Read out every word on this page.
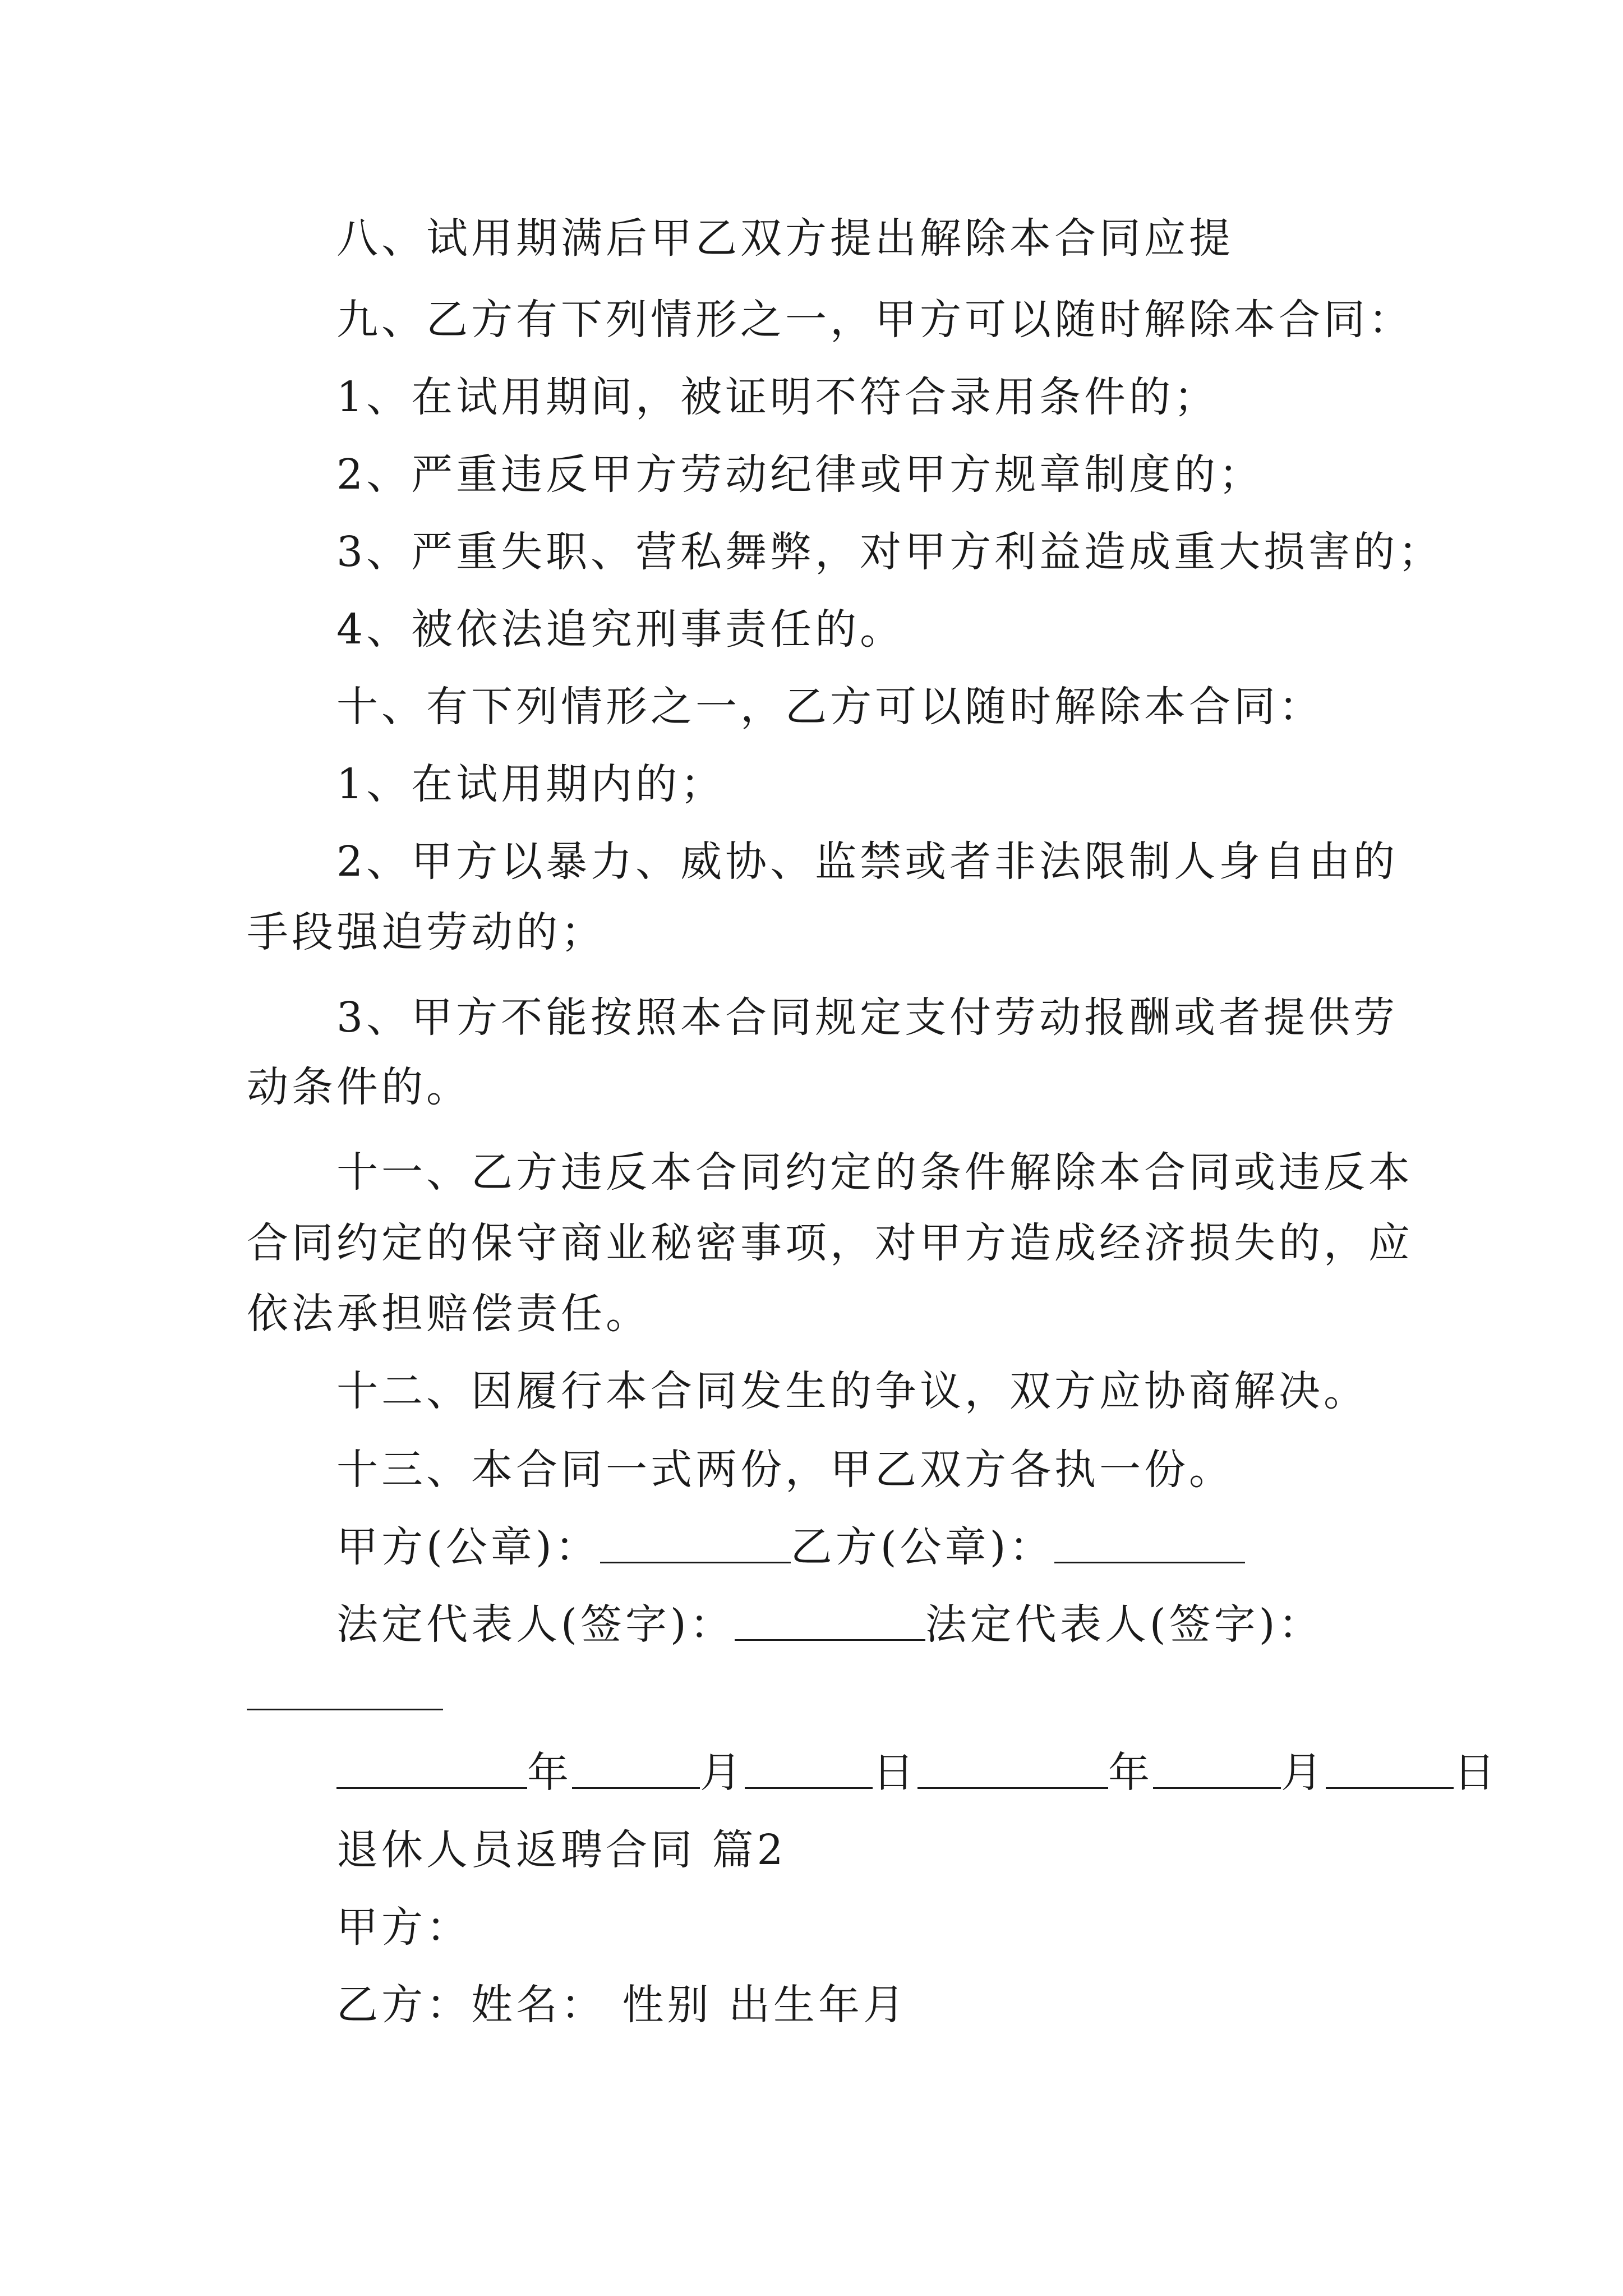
八、试用期满后甲乙双方提出解除本合同应提
九、乙方有下列情形之一，甲方可以随时解除本合同：
1、在试用期间，被证明不符合录用条件的；
2、严重违反甲方劳动纪律或甲方规章制度的；
3、严重失职、营私舞弊，对甲方利益造成重大损害的；
4、被依法追究刑事责任的。
十、有下列情形之一，乙方可以随时解除本合同：
1、在试用期内的；
2、甲方以暴力、威协、监禁或者非法限制人身自由的
手段强迫劳动的；
3、甲方不能按照本合同规定支付劳动报酬或者提供劳
动条件的。
十一、乙方违反本合同约定的条件解除本合同或违反本
合同约定的保守商业秘密事项，对甲方造成经济损失的，应
依法承担赔偿责任。
十二、因履行本合同发生的争议，双方应协商解决。
十三、本合同一式两份，甲乙双方各执一份。
甲方(公章)：	乙方(公章)：
法定代表人(签字)：	法定代表人(签字)：
年	月	日	年	月	日
退休人员返聘合同 篇2
甲方：
乙方：姓名： 性别 出生年月
